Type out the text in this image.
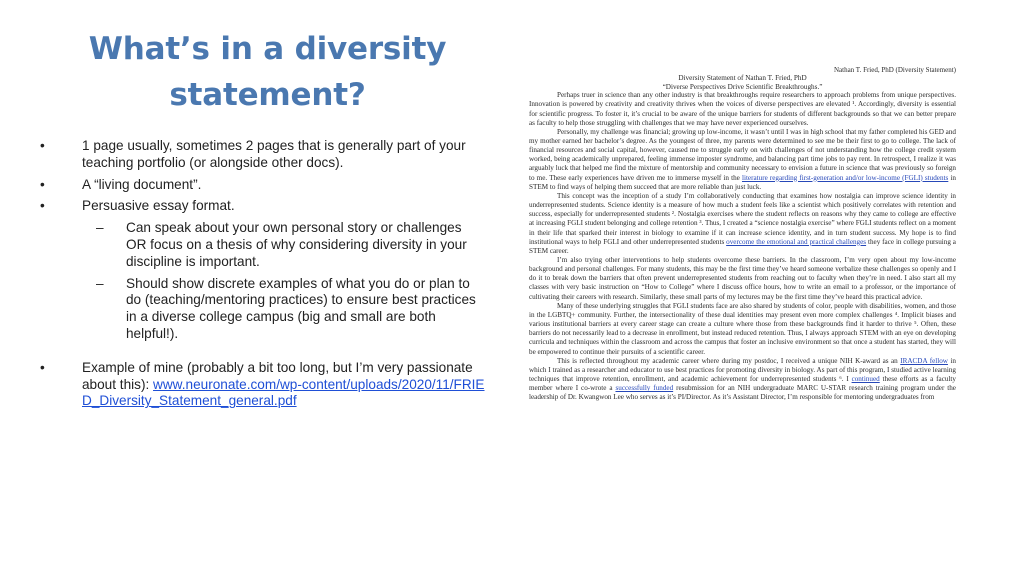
What’s in a diversity statement?
•	1 page usually, sometimes 2 pages that is generally part of your teaching portfolio (or alongside other docs).
•	A “living document”.
•	Persuasive essay format.
– Can speak about your own personal story or challenges OR focus on a thesis of why considering diversity in your discipline is important.
– Should show discrete examples of what you do or plan to do (teaching/mentoring practices) to ensure best practices in a diverse college campus (big and small are both helpful!).
•	Example of mine (probably a bit too long, but I’m very passionate about this): www.neuronate.com/wp-content/uploads/2020/11/FRIED_Diversity_Statement_general.pdf
Nathan T. Fried, PhD (Diversity Statement)
Diversity Statement of Nathan T. Fried, PhD
“Diverse Perspectives Drive Scientific Breakthroughs.”

Perhaps truer in science than any other industry is that breakthroughs require researchers to approach problems from unique perspectives. Innovation is powered by creativity and creativity thrives when the voices of diverse perspectives are elevated ¹. Accordingly, diversity is essential for scientific progress. To foster it, it’s crucial to be aware of the unique barriers for students of different backgrounds so that we can better prepare as faculty to help those struggling with challenges that we may have never experienced ourselves.

Personally, my challenge was financial; growing up low-income, it wasn’t until I was in high school that my father completed his GED and my mother earned her bachelor’s degree. As the youngest of three, my parents were determined to see me be their first to go to college. The lack of financial resources and social capital, however, caused me to struggle early on with challenges of not understanding how the college credit system worked, being academically unprepared, feeling immense imposter syndrome, and balancing part time jobs to pay rent. In retrospect, I realize it was arguably luck that helped me find the mixture of mentorship and community necessary to envision a future in science that was previously so foreign to me. These early experiences have driven me to immerse myself in the literature regarding first-generation and/or low-income (FGLI) students in STEM to find ways of helping them succeed that are more reliable than just luck.

This concept was the inception of a study I’m collaboratively conducting that examines how nostalgia can improve science identity in underrepresented students. Science identity is a measure of how much a student feels like a scientist which positively correlates with retention and success, especially for underrepresented students ². Nostalgia exercises where the student reflects on reasons why they came to college are effective at increasing FGLI student belonging and college retention ³. Thus, I created a “science nostalgia exercise” where FGLI students reflect on a moment in their life that sparked their interest in biology to examine if it can increase science identity, and in turn student success. My hope is to find institutional ways to help FGLI and other underrepresented students overcome the emotional and practical challenges they face in college pursuing a STEM career.

I’m also trying other interventions to help students overcome these barriers. In the classroom, I’m very open about my low-income background and personal challenges. For many students, this may be the first time they’ve heard someone verbalize these challenges so openly and I do it to break down the barriers that often prevent underrepresented students from reaching out to faculty when they’re in need. I also start all my classes with very basic instruction on “How to College” where I discuss office hours, how to write an email to a professor, or the importance of cultivating their careers with research. Similarly, these small parts of my lectures may be the first time they’ve heard this practical advice.

Many of these underlying struggles that FGLI students face are also shared by students of color, people with disabilities, women, and those in the LGBTQ+ community. Further, the intersectionality of these dual identities may present even more complex challenges ⁴. Implicit biases and various institutional barriers at every career stage can create a culture where those from these backgrounds find it harder to thrive ⁵. Often, these barriers do not necessarily lead to a decrease in enrollment, but instead reduced retention. Thus, I always approach STEM with an eye on developing curricula and techniques within the classroom and across the campus that foster an inclusive environment so that once a student has started, they will be empowered to continue their pursuits of a scientific career.

This is reflected throughout my academic career where during my postdoc, I received a unique NIH K-award as an IRACDA fellow in which I trained as a researcher and educator to use best practices for promoting diversity in biology. As part of this program, I studied active learning techniques that improve retention, enrollment, and academic achievement for underrepresented students ⁶. I continued these efforts as a faculty member where I co-wrote a successfully funded resubmission for an NIH undergraduate MARC U-STAR research training program under the leadership of Dr. Kwangwon Lee who serves as it’s PI/Director. As it’s Assistant Director, I’m responsible for mentoring undergraduates from
